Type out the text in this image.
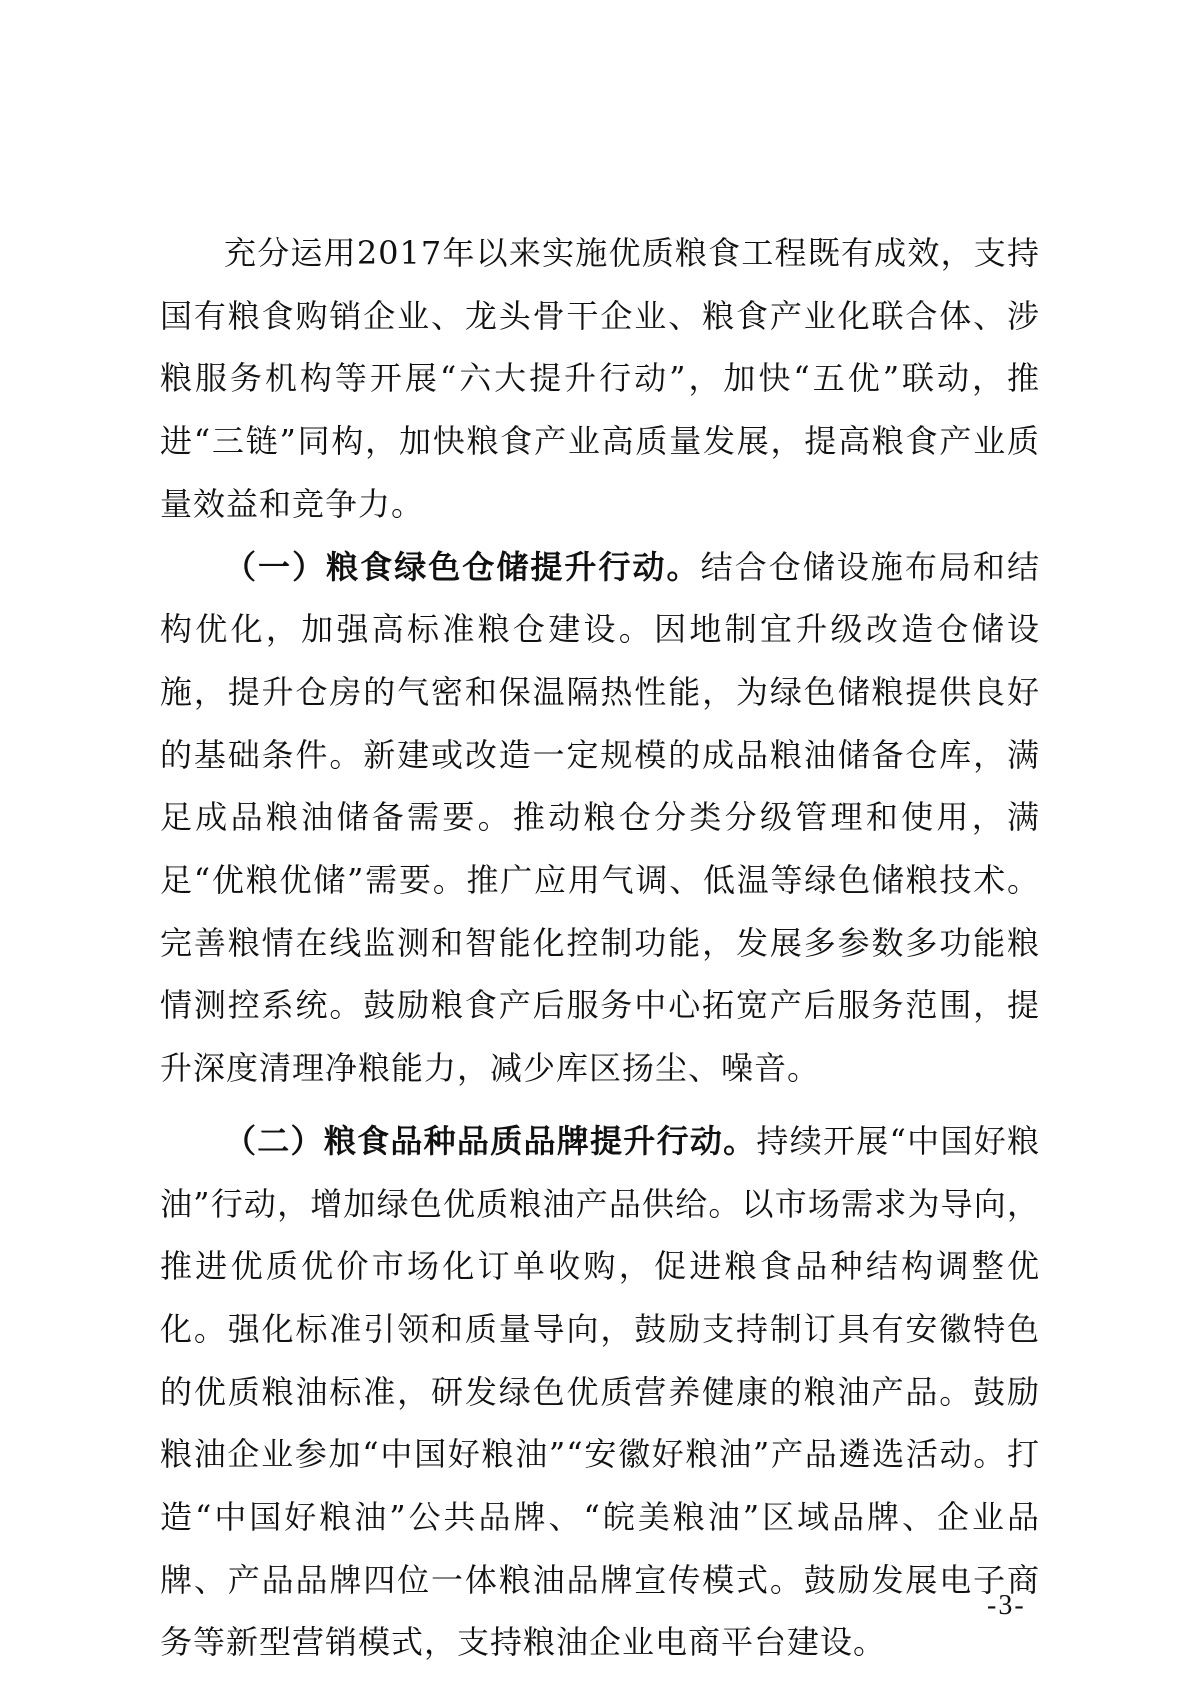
充分运用2017年以来实施优质粮食工程既有成效，支持国有粮食购销企业、龙头骨干企业、粮食产业化联合体、涉粮服务机构等开展“六大提升行动”，加快“五优”联动，推进“三链”同构，加快粮食产业高质量发展，提高粮食产业质量效益和竞争力。

（一）粮食绿色仓储提升行动。结合仓储设施布局和结构优化，加强高标准粮仓建设。因地制宜升级改造仓储设施，提升仓房的气密和保温隔热性能，为绿色储粮提供良好的基础条件。新建或改造一定规模的成品粮油储备仓库，满足成品粮油储备需要。推动粮仓分类分级管理和使用，满足“优粮优储”需要。推广应用气调、低温等绿色储粮技术。完善粮情在线监测和智能化控制功能，发展多参数多功能粮情测控系统。鼓励粮食产后服务中心拓宽产后服务范围，提升深度清理净粮能力，减少库区扬尘、噪音。

（二）粮食品种品质品牌提升行动。持续开展“中国好粮油”行动，增加绿色优质粮油产品供给。以市场需求为导向，推进优质优价市场化订单收购，促进粮食品种结构调整优化。强化标准引领和质量导向，鼓励支持制订具有安徽特色的优质粮油标准，研发绿色优质营养健康的粮油产品。鼓励粮油企业参加“中国好粮油”“安徽好粮油”产品遴选活动。打造“中国好粮油”公共品牌、“皖美粮油”区域品牌、企业品牌、产品品牌四位一体粮油品牌宣传模式。鼓励发展电子商务等新型营销模式，支持粮油企业电商平台建设。

-3-
